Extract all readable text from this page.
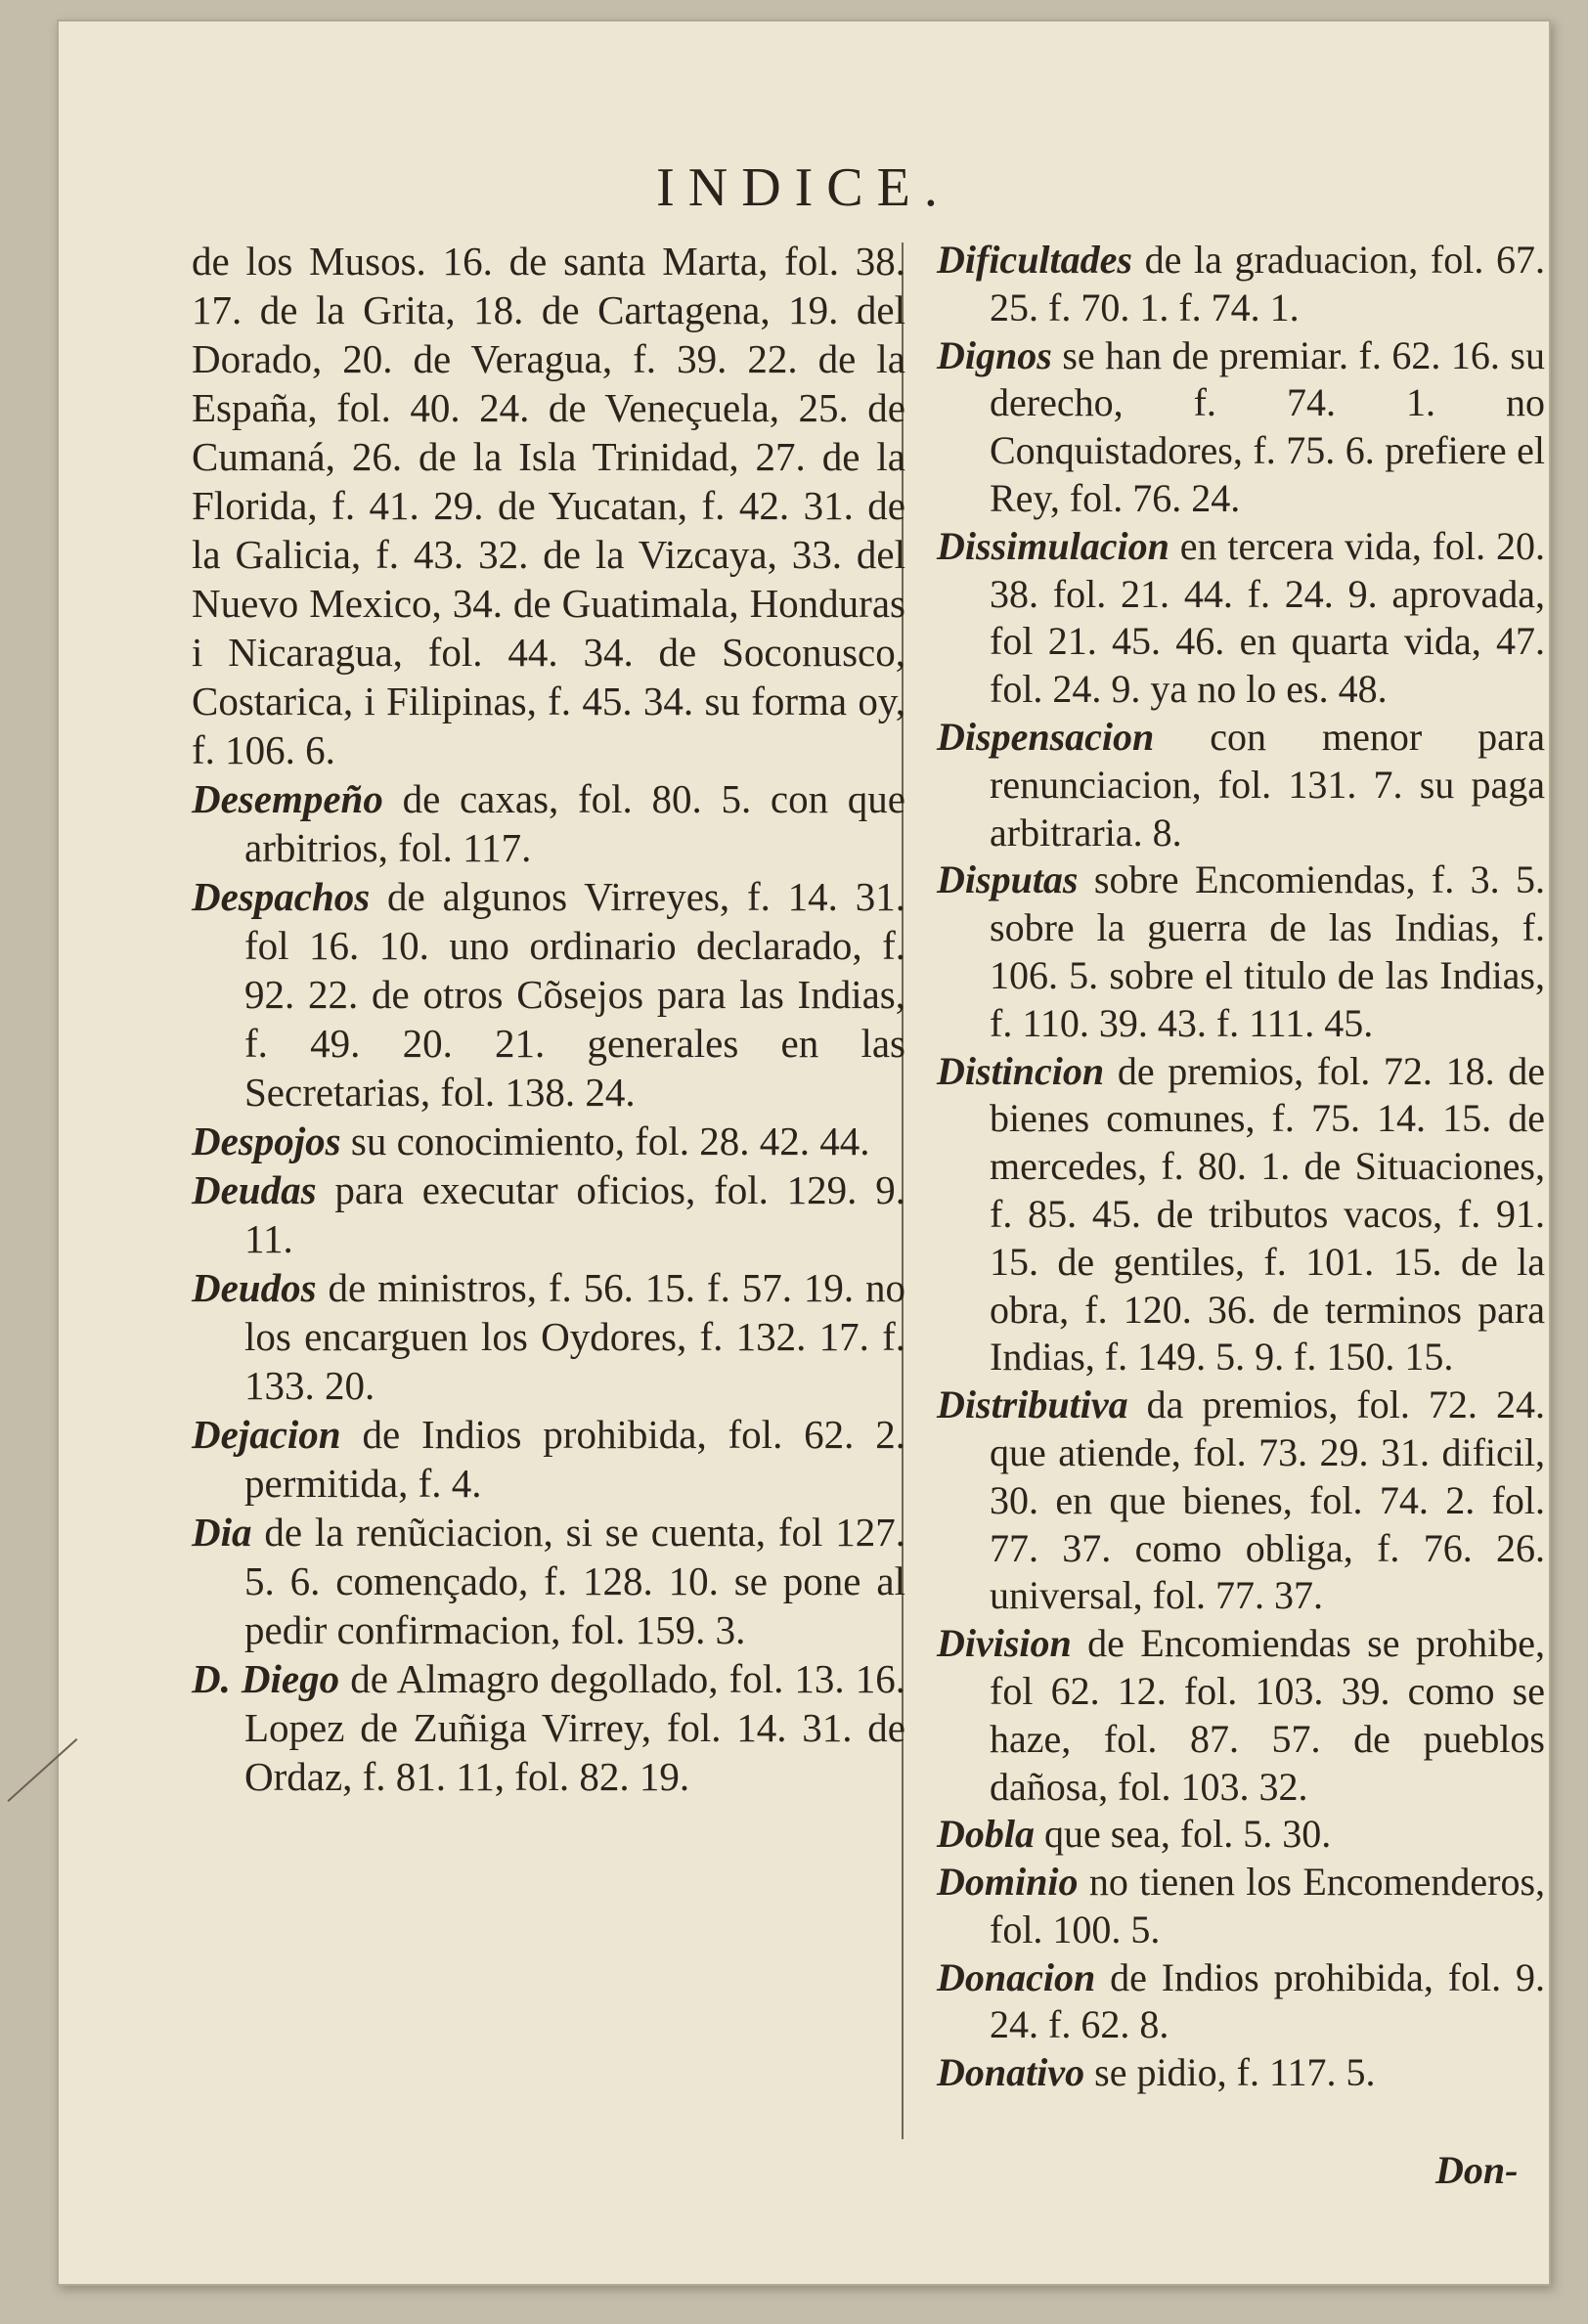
INDICE.

de los Musos. 16. de santa Marta, fol. 38. 17. de la Grita, 18. de Cartagena, 19. del Dorado, 20. de Veragua, f. 39. 22. de la España, fol. 40. 24. de Veneçuela, 25. de Cumaná, 26. de la Isla Trinidad, 27. de la Florida, f. 41. 29. de Yucatan, f. 42. 31. de la Galicia, f. 43. 32. de la Vizcaya, 33. del Nuevo Mexico, 34. de Guatimala, Honduras i Nicaragua, fol. 44. 34. de Soconusco, Costarica, i Filipinas, f. 45. 34. su forma oy, f. 106. 6.

Desempeño de caxas, fol. 80. 5. con que arbitrios, fol. 117.

Despachos de algunos Virreyes, f. 14. 31. fol 16. 10. uno ordinario declarado, f. 92. 22. de otros Cõsejos para las Indias, f. 49. 20. 21. generales en las Secretarias, fol. 138. 24.

Despojos su conocimiento, fol. 28. 42. 44.

Deudas para executar oficios, fol. 129. 9. 11.

Deudos de ministros, f. 56. 15. f. 57. 19. no los encarguen los Oydores, f. 132. 17. f. 133. 20.

Dejacion de Indios prohibida, fol. 62. 2. permitida, f. 4.

Dia de la renũciacion, si se cuenta, fol 127. 5. 6. començado, f. 128. 10. se pone al pedir confirmacion, fol. 159. 3.

D. Diego de Almagro degollado, fol. 13. 16. Lopez de Zuñiga Virrey, fol. 14. 31. de Ordaz, f. 81. 11, fol. 82. 19.

Dificultades de la graduacion, fol. 67. 25. f. 70. 1. f. 74. 1.

Dignos se han de premiar. f. 62. 16. su derecho, f. 74. 1. no Conquistadores, f. 75. 6. prefiere el Rey, fol. 76. 24.

Dissimulacion en tercera vida, fol. 20. 38. fol. 21. 44. f. 24. 9. aprovada, fol 21. 45. 46. en quarta vida, 47. fol. 24. 9. ya no lo es. 48.

Dispensacion con menor para renunciacion, fol. 131. 7. su paga arbitraria. 8.

Disputas sobre Encomiendas, f. 3. 5. sobre la guerra de las Indias, f. 106. 5. sobre el titulo de las Indias, f. 110. 39. 43. f. 111. 45.

Distincion de premios, fol. 72. 18. de bienes comunes, f. 75. 14. 15. de mercedes, f. 80. 1. de Situaciones, f. 85. 45. de tributos vacos, f. 91. 15. de gentiles, f. 101. 15. de la obra, f. 120. 36. de terminos para Indias, f. 149. 5. 9. f. 150. 15.

Distributiva da premios, fol. 72. 24. que atiende, fol. 73. 29. 31. dificil, 30. en que bienes, fol. 74. 2. fol. 77. 37. como obliga, f. 76. 26. universal, fol. 77. 37.

Division de Encomiendas se prohibe, fol 62. 12. fol. 103. 39. como se haze, fol. 87. 57. de pueblos dañosa, fol. 103. 32.

Dobla que sea, fol. 5. 30.

Dominio no tienen los Encomenderos, fol. 100. 5.

Donacion de Indios prohibida, fol. 9. 24. f. 62. 8.

Donativo se pidio, f. 117. 5.

Don-
